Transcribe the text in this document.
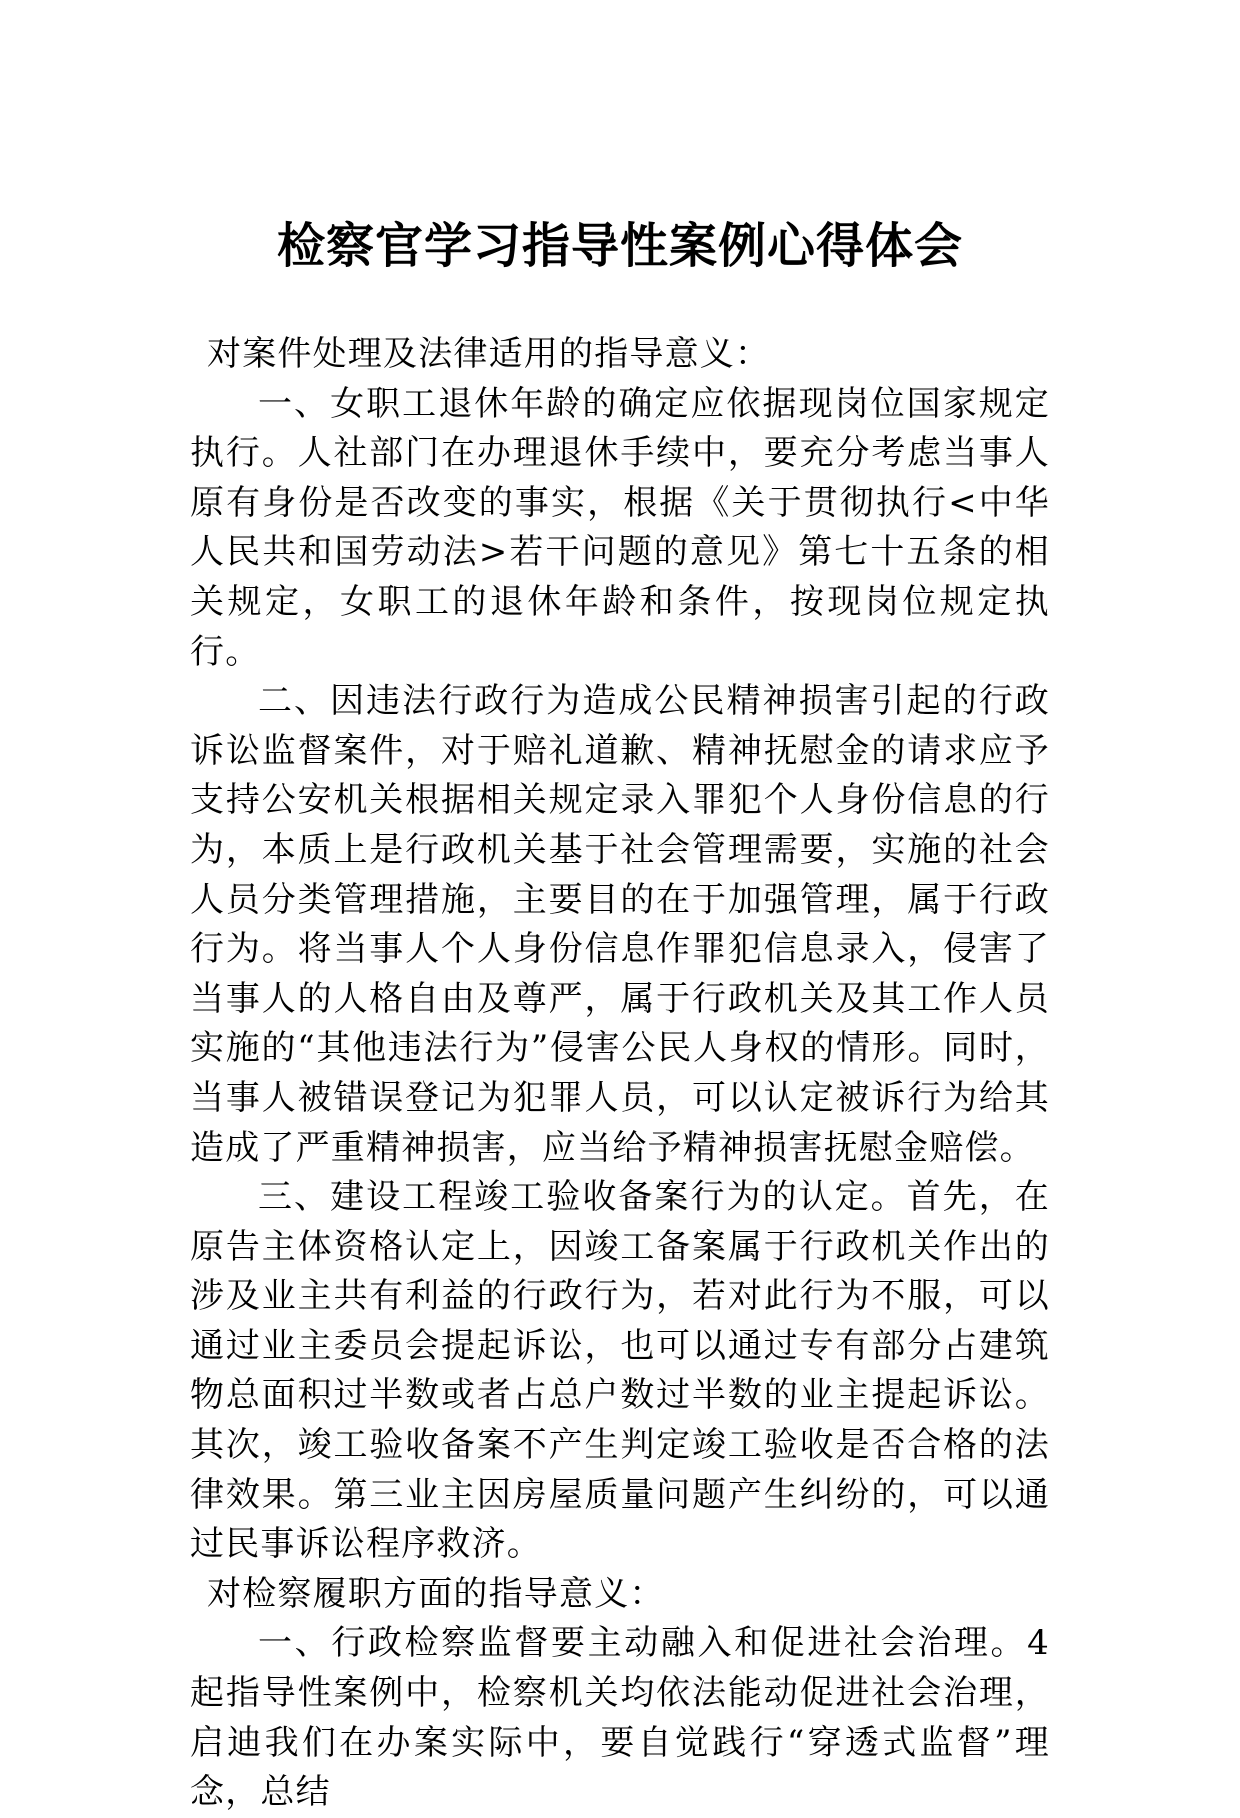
检察官学习指导性案例心得体会

对案件处理及法律适用的指导意义：

一、女职工退休年龄的确定应依据现岗位国家规定执行。人社部门在办理退休手续中，要充分考虑当事人原有身份是否改变的事实，根据《关于贯彻执行<中华人民共和国劳动法>若干问题的意见》第七十五条的相关规定，女职工的退休年龄和条件，按现岗位规定执行。

二、因违法行政行为造成公民精神损害引起的行政诉讼监督案件，对于赔礼道歉、精神抚慰金的请求应予支持公安机关根据相关规定录入罪犯个人身份信息的行为，本质上是行政机关基于社会管理需要，实施的社会人员分类管理措施，主要目的在于加强管理，属于行政行为。将当事人个人身份信息作罪犯信息录入，侵害了当事人的人格自由及尊严，属于行政机关及其工作人员实施的“其他违法行为”侵害公民人身权的情形。同时，当事人被错误登记为犯罪人员，可以认定被诉行为给其造成了严重精神损害，应当给予精神损害抚慰金赔偿。

三、建设工程竣工验收备案行为的认定。首先，在原告主体资格认定上，因竣工备案属于行政机关作出的涉及业主共有利益的行政行为，若对此行为不服，可以通过业主委员会提起诉讼，也可以通过专有部分占建筑物总面积过半数或者占总户数过半数的业主提起诉讼。其次，竣工验收备案不产生判定竣工验收是否合格的法律效果。第三业主因房屋质量问题产生纠纷的，可以通过民事诉讼程序救济。

对检察履职方面的指导意义：

一、行政检察监督要主动融入和促进社会治理。4起指导性案例中，检察机关均依法能动促进社会治理，启迪我们在办案实际中，要自觉践行“穿透式监督”理念，总结
